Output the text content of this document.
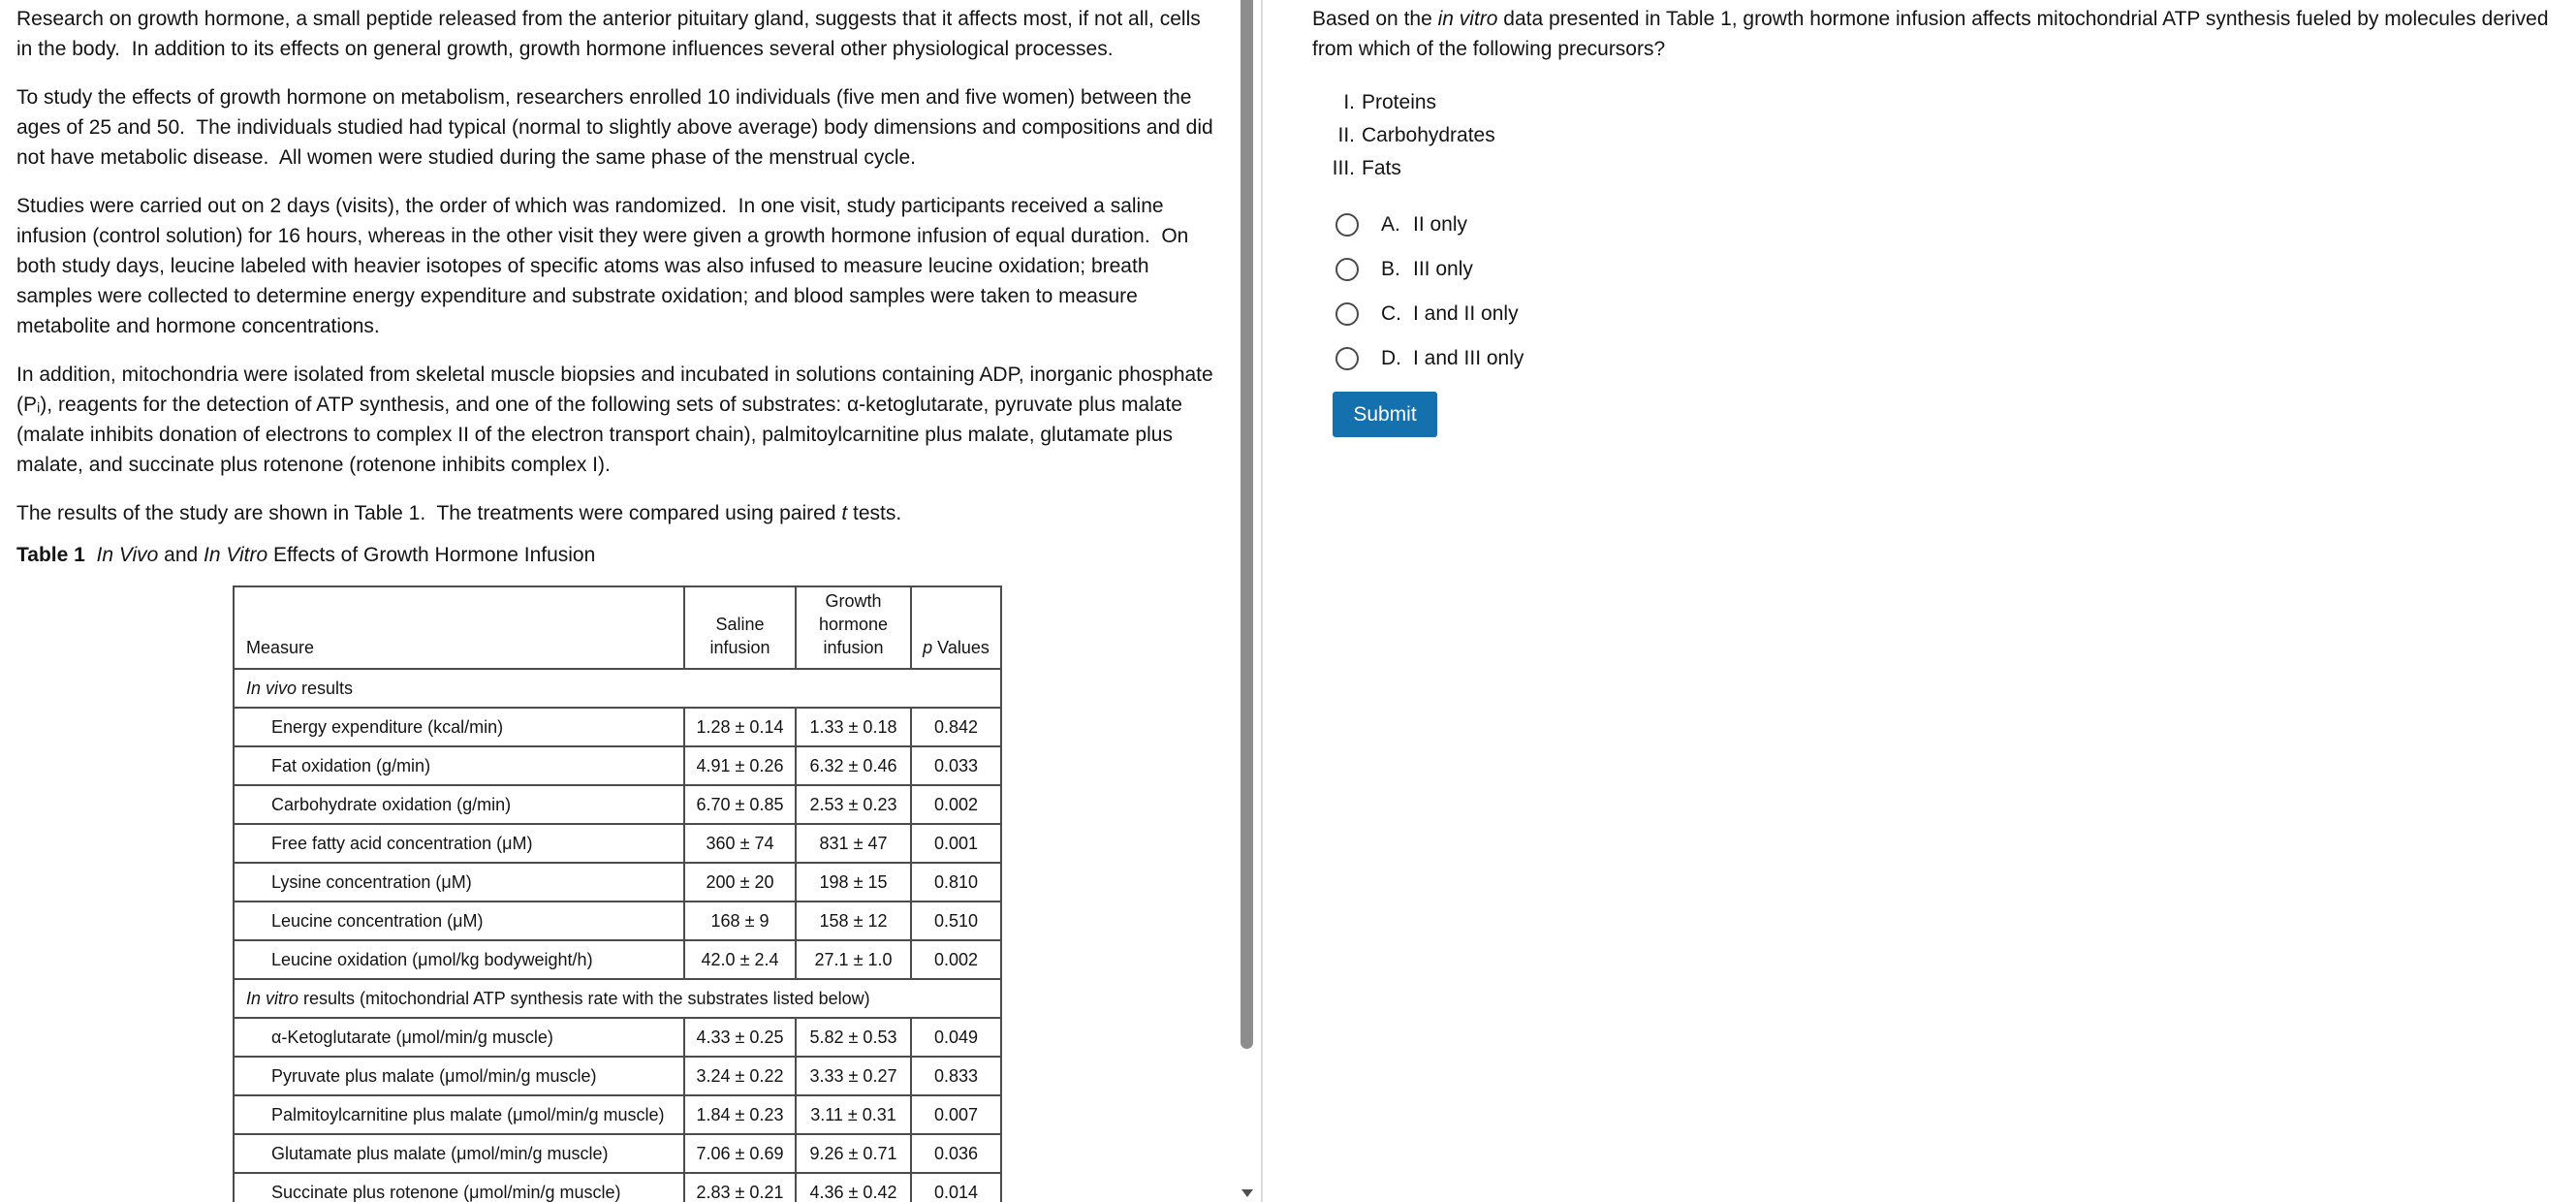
Research on growth hormone, a small peptide released from the anterior pituitary gland, suggests that it affects most, if not all, cells in the body.  In addition to its effects on general growth, growth hormone influences several other physiological processes.

To study the effects of growth hormone on metabolism, researchers enrolled 10 individuals (five men and five women) between the ages of 25 and 50.  The individuals studied had typical (normal to slightly above average) body dimensions and compositions and did not have metabolic disease.  All women were studied during the same phase of the menstrual cycle.

Studies were carried out on 2 days (visits), the order of which was randomized.  In one visit, study participants received a saline infusion (control solution) for 16 hours, whereas in the other visit they were given a growth hormone infusion of equal duration.  On both study days, leucine labeled with heavier isotopes of specific atoms was also infused to measure leucine oxidation; breath samples were collected to determine energy expenditure and substrate oxidation; and blood samples were taken to measure metabolite and hormone concentrations.

In addition, mitochondria were isolated from skeletal muscle biopsies and incubated in solutions containing ADP, inorganic phosphate (Pᵢ), reagents for the detection of ATP synthesis, and one of the following sets of substrates: α-ketoglutarate, pyruvate plus malate (malate inhibits donation of electrons to complex II of the electron transport chain), palmitoylcarnitine plus malate, glutamate plus malate, and succinate plus rotenone (rotenone inhibits complex I).

The results of the study are shown in Table 1.  The treatments were compared using paired t tests.

Table 1 In Vivo and In Vitro Effects of Growth Hormone Infusion

Measure	Saline infusion	Growth hormone infusion	p Values
In vivo results			
Energy expenditure (kcal/min)	1.28 ± 0.14	1.33 ± 0.18	0.842
Fat oxidation (g/min)	4.91 ± 0.26	6.32 ± 0.46	0.033
Carbohydrate oxidation (g/min)	6.70 ± 0.85	2.53 ± 0.23	0.002
Free fatty acid concentration (μM)	360 ± 74	831 ± 47	0.001
Lysine concentration (μM)	200 ± 20	198 ± 15	0.810
Leucine concentration (μM)	168 ± 9	158 ± 12	0.510
Leucine oxidation (μmol/kg bodyweight/h)	42.0 ± 2.4	27.1 ± 1.0	0.002
In vitro results (mitochondrial ATP synthesis rate with the substrates listed below)			
α-Ketoglutarate (μmol/min/g muscle)	4.33 ± 0.25	5.82 ± 0.53	0.049
Pyruvate plus malate (μmol/min/g muscle)	3.24 ± 0.22	3.33 ± 0.27	0.833
Palmitoylcarnitine plus malate (μmol/min/g muscle)	1.84 ± 0.23	3.11 ± 0.31	0.007
Glutamate plus malate (μmol/min/g muscle)	7.06 ± 0.69	9.26 ± 0.71	0.036
Succinate plus rotenone (μmol/min/g muscle)	2.83 ± 0.21	4.36 ± 0.42	0.014

Based on the in vitro data presented in Table 1, growth hormone infusion affects mitochondrial ATP synthesis fueled by molecules derived from which of the following precursors?

I. Proteins
II. Carbohydrates
III. Fats
A. II only
B. III only
C. I and II only
D. I and III only
Submit
